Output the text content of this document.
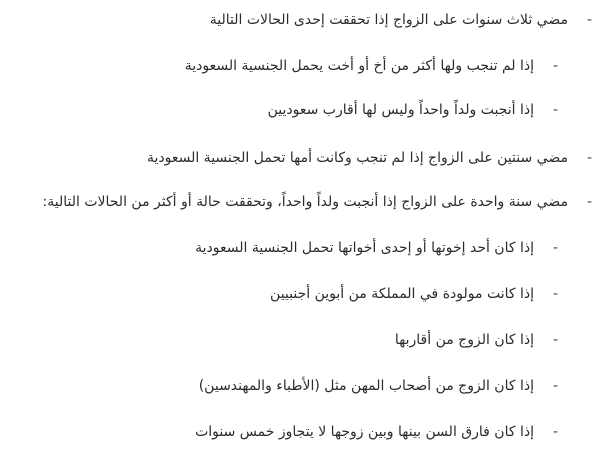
-
مضي ثلاث سنوات على الزواج إذا تحققت إحدى الحالات التالية
-
إذا لم تنجب ولها أكثر من أخ أو أخت يحمل الجنسية السعودية
-
إذا أنجبت ولداً واحداً وليس لها أقارب سعوديين
-
مضي سنتين على الزواج إذا لم تنجب وكانت أمها تحمل الجنسية السعودية
-
مضي سنة واحدة على الزواج إذا أنجبت ولداً واحداً، وتحققت حالة أو أكثر من الحالات التالية:
-
إذا كان أحد إخوتها أو إحدى أخواتها تحمل الجنسية السعودية
-
إذا كانت مولودة في المملكة من أبوين أجنبيين
-
إذا كان الزوج من أقاربها
-
إذا كان الزوج من أصحاب المهن مثل (الأطباء والمهندسين)
-
إذا كان فارق السن بينها وبين زوجها لا يتجاوز خمس سنوات
